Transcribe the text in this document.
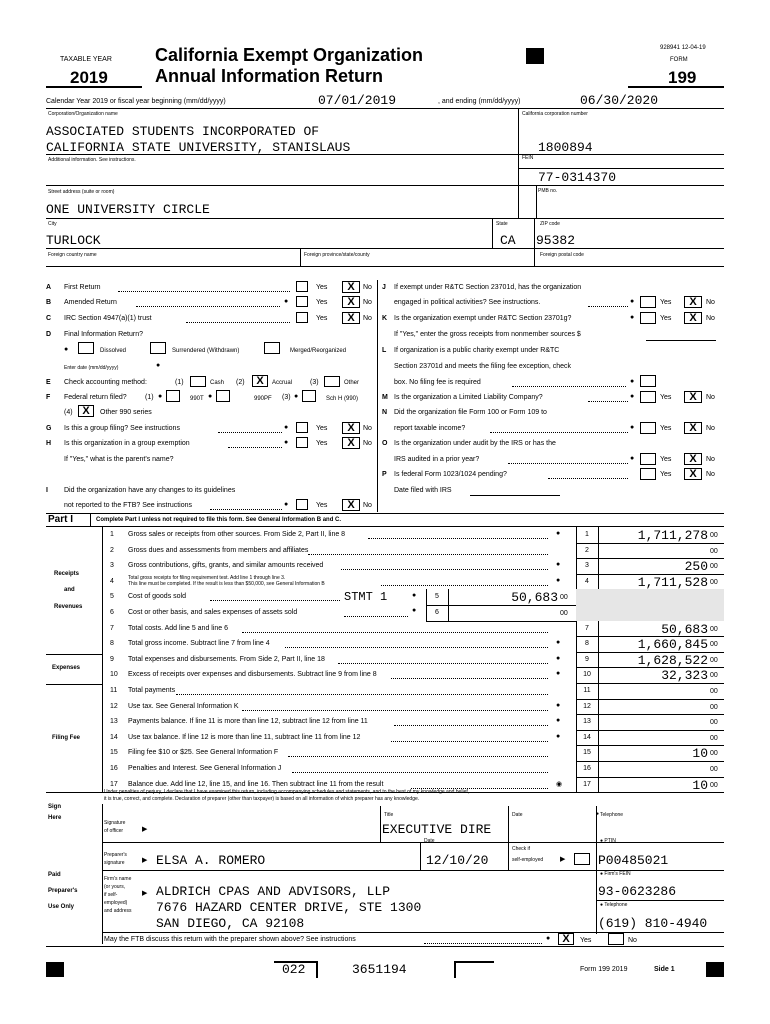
TAXABLE YEAR
2019
California Exempt Organization
Annual Information Return
928941 12-04-19
FORM
199
Calendar Year 2019 or fiscal year beginning (mm/dd/yyyy)	07/01/2019	, and ending (mm/dd/yyyy)	06/30/2020
Corporation/Organization name	California corporation number
ASSOCIATED STUDENTS INCORPORATED OF
CALIFORNIA STATE UNIVERSITY, STANISLAUS	1800894
Additional information. See instructions.	FEIN
77-0314370
Street address (suite or room)	PMB no.
ONE UNIVERSITY CIRCLE
City	State	ZIP code
TURLOCK	CA 95382
Foreign country name	Foreign province/state/county	Foreign postal code
A First Return	Yes	X	No
B Amended Return	●	Yes	X	No
C IRC Section 4947(a)(1) trust	Yes	X	No
D Final Information Return?
●	Dissolved	Surrendered (Withdrawn)	Merged/Reorganized
Enter date (mm/dd/yyyy)	●
E Check accounting method:	(1)	Cash (2)	X	Accrual	(3)	Other
F Federal return filed?	(1) ●	990T ●	990PF (3) ●	Sch H (990)
(4) X	Other 990 series
G Is this a group filing? See instructions	●	Yes	X	No
H Is this organization in a group exemption	●	Yes	X	No
If "Yes," what is the parent's name?
I Did the organization have any changes to its guidelines
not reported to the FTB? See instructions	●	Yes	X	No
J If exempt under R&TC Section 23701d, has the organization
engaged in political activities? See instructions.	●	Yes	X	No
K Is the organization exempt under R&TC Section 23701g?	●	Yes	X	No
If "Yes," enter the gross receipts from nonmember sources $
L If organization is a public charity exempt under R&TC
Section 23701d and meets the filing fee exception, check
box. No filing fee is required	●
M Is the organization a Limited Liability Company?	●	Yes	X	No
N Did the organization file Form 100 or Form 109 to
report taxable income?	●	Yes	X	No
O Is the organization under audit by the IRS or has the
IRS audited in a prior year?	●	Yes	X	No
P Is federal Form 1023/1024 pending?	Yes	X	No
Date filed with IRS
Part I	Complete Part I unless not required to file this form. See General Information B and C.
Receipts
and
Revenues
Expenses
Filing Fee
1 Gross sales or receipts from other sources. From Side 2, Part II, line 8	●	1	1,711,278 00
2 Gross dues and assessments from members and affiliates	2	00
3 Gross contributions, gifts, grants, and similar amounts received	●	3	250 00
4	Total gross receipts for filing requirement test. Add line 1 through line 3.
This line must be completed. If the result is less than $50,000, see General Information B	●	4	1,711,528 00
5 Cost of goods sold	5	50,683 00
6 Cost or other basis, and sales expenses of assets sold	6	00
7 Total costs. Add line 5 and line 6	7	50,683 00
8 Total gross income. Subtract line 7 from line 4	●	8	1,660,845 00
9 Total expenses and disbursements. From Side 2, Part II, line 18	●	9	1,628,522 00
10 Excess of receipts over expenses and disbursements. Subtract line 9 from line 8	●	10	32,323 00
11 Total payments	11	00
12 Use tax. See General Information K	●	12	00
13 Payments balance. If line 11 is more than line 12, subtract line 12 from line 11	●	13	00
14 Use tax balance. If line 12 is more than line 11, subtract line 11 from line 12	●	14	00
15 Filing fee $10 or $25. See General Information F	15	10 00
16 Penalties and Interest. See General Information J	16	00
17 Balance due. Add line 12, line 15, and line 16. Then subtract line 11 from the result	◉	17	10 00
STMT 1	●
●
Under penalties of perjury, I declare that I have examined this return, including accompanying schedules and statements, and to the best of my knowledge and belief,
it is true, correct, and complete. Declaration of preparer (other than taxpayer) is based on all information of which preparer has any knowledge.
Sign
Here
Signature
of officer	▶
Title
EXECUTIVE DIRE
Date	Telephone
●
Paid
Preparer's
Use Only
Preparer's
signature ▶ ELSA A. ROMERO
Date
12/10/20
Check if
self-employed ▶
● PTIN
P00485021
Firm's name
(or yours,
if self-
employed)
and address
▶ ALDRICH CPAS AND ADVISORS, LLP
7676 HAZARD CENTER DRIVE, STE 1300
SAN DIEGO, CA 92108
● Firm's FEIN
93-0623286
● Telephone
(619) 810-4940
May the FTB discuss this return with the preparer shown above? See instructions	●	X	Yes	No
022	3651194	Form 199 2019	Side 1
